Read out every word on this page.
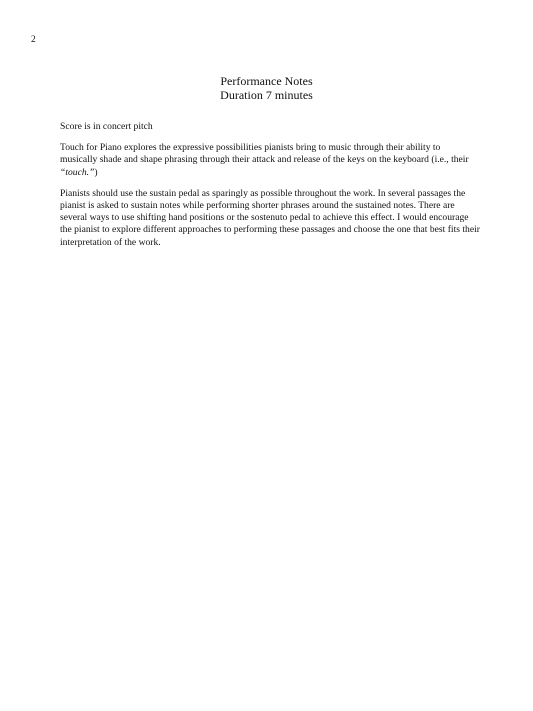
2
Performance Notes
Duration 7 minutes

Score is in concert pitch

Touch for Piano explores the expressive possibilities pianists bring to music through their ability to musically shade and shape phrasing through their attack and release of the keys on the keyboard (i.e., their “touch.”)

Pianists should use the sustain pedal as sparingly as possible throughout the work. In several passages the pianist is asked to sustain notes while performing shorter phrases around the sustained notes. There are several ways to use shifting hand positions or the sostenuto pedal to achieve this effect. I would encourage the pianist to explore different approaches to performing these passages and choose the one that best fits their interpretation of the work.
